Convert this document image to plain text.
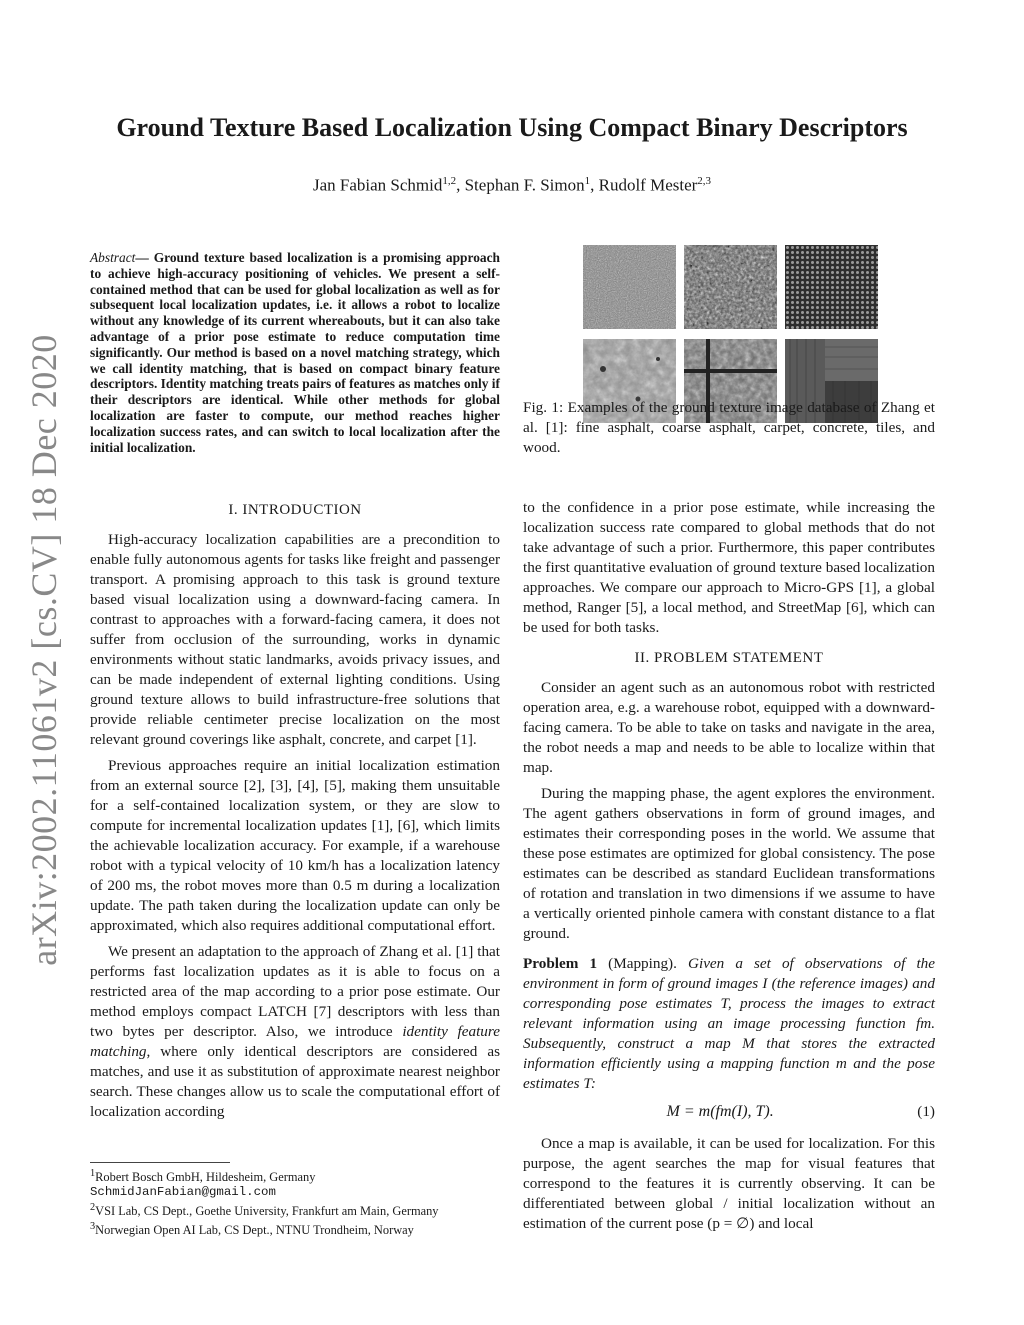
arXiv:2002.11061v2 [cs.CV] 18 Dec 2020
Ground Texture Based Localization Using Compact Binary Descriptors
Jan Fabian Schmid$^{1,2}$, Stephan F. Simon$^1$, Rudolf Mester$^{2,3}$
Abstract— Ground texture based localization is a promising approach to achieve high-accuracy positioning of vehicles. We present a self-contained method that can be used for global localization as well as for subsequent local localization updates, i.e. it allows a robot to localize without any knowledge of its current whereabouts, but it can also take advantage of a prior pose estimate to reduce computation time significantly. Our method is based on a novel matching strategy, which we call identity matching, that is based on compact binary feature descriptors. Identity matching treats pairs of features as matches only if their descriptors are identical. While other methods for global localization are faster to compute, our method reaches higher localization success rates, and can switch to local localization after the initial localization.
I. INTRODUCTION

High-accuracy localization capabilities are a precondition to enable fully autonomous agents for tasks like freight and passenger transport. A promising approach to this task is ground texture based visual localization using a downward-facing camera. In contrast to approaches with a forward-facing camera, it does not suffer from occlusion of the surrounding, works in dynamic environments without static landmarks, avoids privacy issues, and can be made independent of external lighting conditions. Using ground texture allows to build infrastructure-free solutions that provide reliable centimeter precise localization on the most relevant ground coverings like asphalt, concrete, and carpet [1].

Previous approaches require an initial localization estimation from an external source [2], [3], [4], [5], making them unsuitable for a self-contained localization system, or they are slow to compute for incremental localization updates [1], [6], which limits the achievable localization accuracy. For example, if a warehouse robot with a typical velocity of 10 km/h has a localization latency of 200 ms, the robot moves more than 0.5 m during a localization update. The path taken during the localization update can only be approximated, which also requires additional computational effort.

We present an adaptation to the approach of Zhang et al. [1] that performs fast localization updates as it is able to focus on a restricted area of the map according to a prior pose estimate. Our method employs compact LATCH [7] descriptors with less than two bytes per descriptor. Also, we introduce identity feature matching, where only identical descriptors are considered as matches, and use it as substitution of approximate nearest neighbor search. These changes allow us to scale the computational effort of localization according

$^1$Robert Bosch GmbH, Hildesheim, Germany
SchmidJanFabian@gmail.com
$^2$VSI Lab, CS Dept., Goethe University, Frankfurt am Main, Germany
$^3$Norwegian Open AI Lab, CS Dept., NTNU Trondheim, Norway
Fig. 1: Examples of the ground texture image database of Zhang et al. [1]: fine asphalt, coarse asphalt, carpet, concrete, tiles, and wood.

to the confidence in a prior pose estimate, while increasing the localization success rate compared to global methods that do not take advantage of such a prior. Furthermore, this paper contributes the first quantitative evaluation of ground texture based localization approaches. We compare our approach to Micro-GPS [1], a global method, Ranger [5], a local method, and StreetMap [6], which can be used for both tasks.

II. PROBLEM STATEMENT

Consider an agent such as an autonomous robot with restricted operation area, e.g. a warehouse robot, equipped with a downward-facing camera. To be able to take on tasks and navigate in the area, the robot needs a map and needs to be able to localize within that map.

During the mapping phase, the agent explores the environment. The agent gathers observations in form of ground images, and estimates their corresponding poses in the world. We assume that these pose estimates are optimized for global consistency. The pose estimates can be described as standard Euclidean transformations of rotation and translation in two dimensions if we assume to have a vertically oriented pinhole camera with constant distance to a flat ground.

Problem 1 (Mapping). Given a set of observations of the environment in form of ground images I (the reference images) and corresponding pose estimates T, process the images to extract relevant information using an image processing function fm. Subsequently, construct a map M that stores the extracted information efficiently using a mapping function m and the pose estimates T:

M = m(fm(I), T).	(1)

Once a map is available, it can be used for localization. For this purpose, the agent searches the map for visual features that correspond to the features it is currently observing. It can be differentiated between global / initial localization without an estimation of the current pose (p = ∅) and local
